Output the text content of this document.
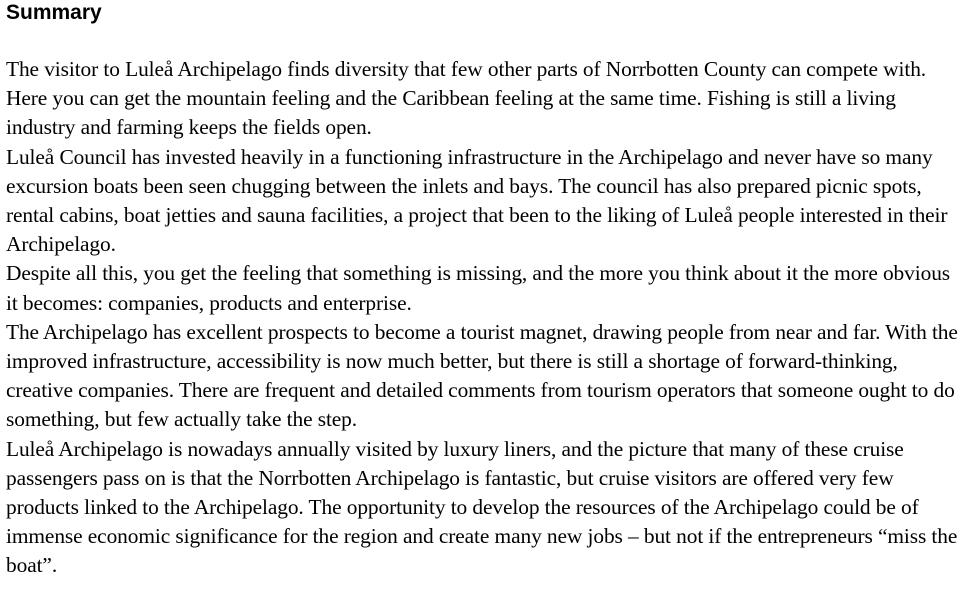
Summary

The visitor to Luleå Archipelago finds diversity that few other parts of Norrbotten County can compete with. Here you can get the mountain feeling and the Caribbean feeling at the same time. Fishing is still a living industry and farming keeps the fields open.

Luleå Council has invested heavily in a functioning infrastructure in the Archipelago and never have so many excursion boats been seen chugging between the inlets and bays. The council has also prepared picnic spots, rental cabins, boat jetties and sauna facilities, a project that been to the liking of Luleå people interested in their Archipelago.

Despite all this, you get the feeling that something is missing, and the more you think about it the more obvious it becomes: companies, products and enterprise.

The Archipelago has excellent prospects to become a tourist magnet, drawing people from near and far. With the improved infrastructure, accessibility is now much better, but there is still a shortage of forward-thinking, creative companies. There are frequent and detailed comments from tourism operators that someone ought to do something, but few actually take the step.

Luleå Archipelago is nowadays annually visited by luxury liners, and the picture that many of these cruise passengers pass on is that the Norrbotten Archipelago is fantastic, but cruise visitors are offered very few products linked to the Archipelago. The opportunity to develop the resources of the Archipelago could be of immense economic significance for the region and create many new jobs – but not if the entrepreneurs “miss the boat”.
